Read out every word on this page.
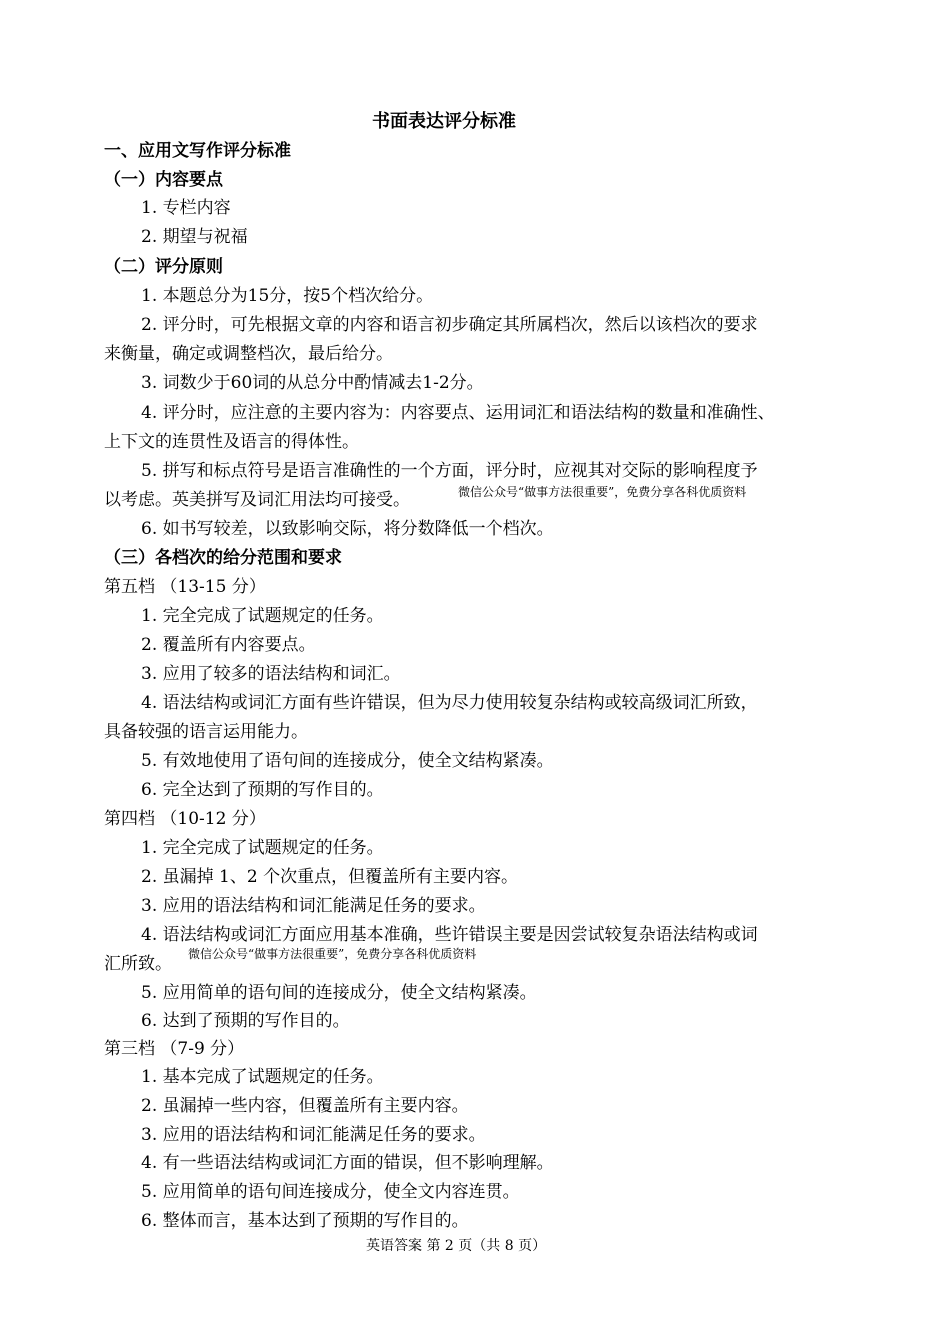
书面表达评分标准
一、应用文写作评分标准
（一）内容要点
1. 专栏内容
2. 期望与祝福
（二）评分原则
1. 本题总分为15分，按5个档次给分。
2. 评分时，可先根据文章的内容和语言初步确定其所属档次，然后以该档次的要求
来衡量，确定或调整档次，最后给分。
3. 词数少于60词的从总分中酌情减去1-2分。
4. 评分时，应注意的主要内容为：内容要点、运用词汇和语法结构的数量和准确性、
上下文的连贯性及语言的得体性。
5. 拼写和标点符号是语言准确性的一个方面，评分时，应视其对交际的影响程度予
以考虑。英美拼写及词汇用法均可接受。	微信公众号“做事方法很重要”，免费分享各科优质资料
6. 如书写较差，以致影响交际，将分数降低一个档次。
（三）各档次的给分范围和要求
第五档 （13-15 分）
1. 完全完成了试题规定的任务。
2. 覆盖所有内容要点。
3. 应用了较多的语法结构和词汇。
4. 语法结构或词汇方面有些许错误，但为尽力使用较复杂结构或较高级词汇所致，
具备较强的语言运用能力。
5. 有效地使用了语句间的连接成分，使全文结构紧凑。
6. 完全达到了预期的写作目的。
第四档 （10-12 分）
1. 完全完成了试题规定的任务。
2. 虽漏掉 1、2 个次重点，但覆盖所有主要内容。
3. 应用的语法结构和词汇能满足任务的要求。
4. 语法结构或词汇方面应用基本准确，些许错误主要是因尝试较复杂语法结构或词
汇所致。 微信公众号“做事方法很重要”，免费分享各科优质资料
5. 应用简单的语句间的连接成分，使全文结构紧凑。
6. 达到了预期的写作目的。
第三档 （7-9 分）
1. 基本完成了试题规定的任务。
2. 虽漏掉一些内容，但覆盖所有主要内容。
3. 应用的语法结构和词汇能满足任务的要求。
4. 有一些语法结构或词汇方面的错误，但不影响理解。
5. 应用简单的语句间连接成分，使全文内容连贯。
6. 整体而言，基本达到了预期的写作目的。
英语答案 第 2 页（共 8 页）
